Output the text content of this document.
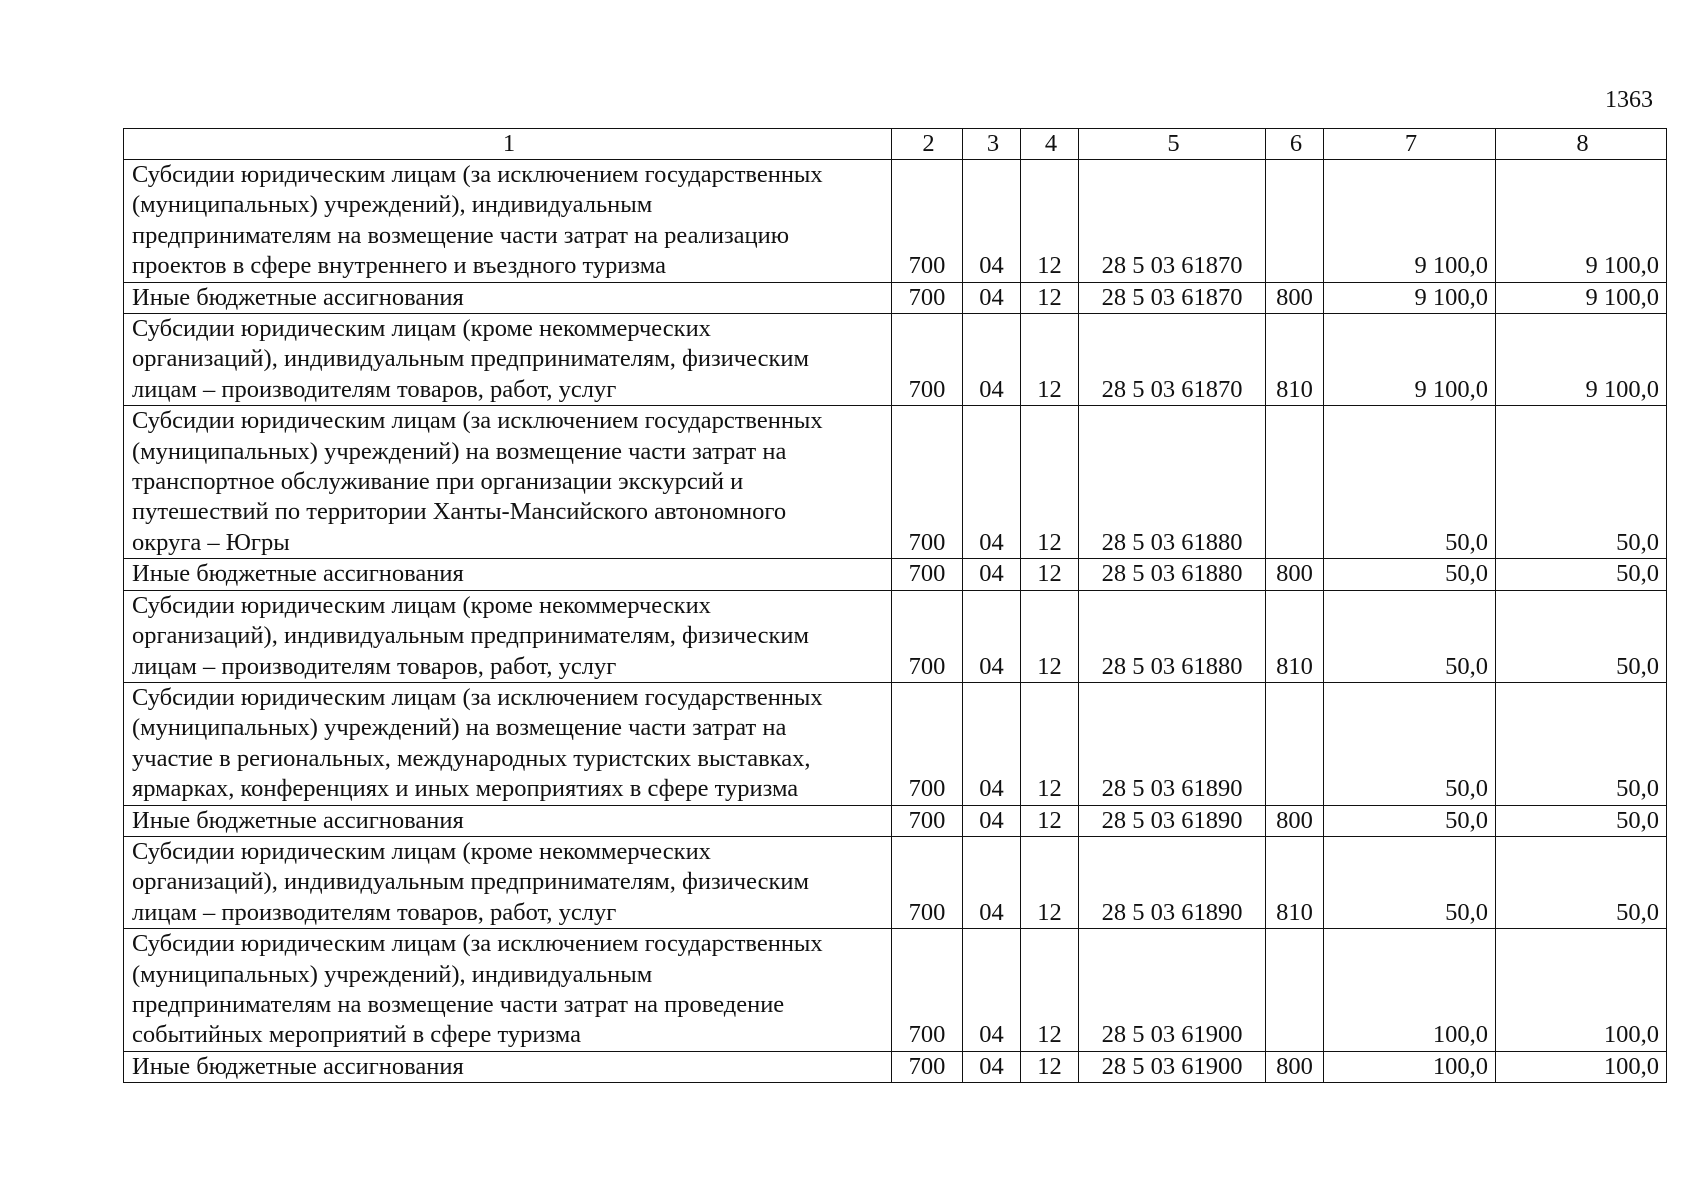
1363
1	2	3	4	5	6	7	8

Субсидии юридическим лицам (за исключением государственных
(муниципальных) учреждений), индивидуальным
предпринимателям на возмещение части затрат на реализацию
проектов в сфере внутреннего и въездного туризма	700	04	12	28 5 03 61870		9 100,0	9 100,0

Иные бюджетные ассигнования	700	04	12	28 5 03 61870	800	9 100,0	9 100,0

Субсидии юридическим лицам (кроме некоммерческих
организаций), индивидуальным предпринимателям, физическим
лицам – производителям товаров, работ, услуг	700	04	12	28 5 03 61870	810	9 100,0	9 100,0

Субсидии юридическим лицам (за исключением государственных
(муниципальных) учреждений) на возмещение части затрат на
транспортное обслуживание при организации экскурсий и
путешествий по территории Ханты-Мансийского автономного
округа – Югры	700	04	12	28 5 03 61880		50,0	50,0

Иные бюджетные ассигнования	700	04	12	28 5 03 61880	800	50,0	50,0

Субсидии юридическим лицам (кроме некоммерческих
организаций), индивидуальным предпринимателям, физическим
лицам – производителям товаров, работ, услуг	700	04	12	28 5 03 61880	810	50,0	50,0

Субсидии юридическим лицам (за исключением государственных
(муниципальных) учреждений) на возмещение части затрат на
участие в региональных, международных туристских выставках,
ярмарках, конференциях и иных мероприятиях в сфере туризма	700	04	12	28 5 03 61890		50,0	50,0

Иные бюджетные ассигнования	700	04	12	28 5 03 61890	800	50,0	50,0

Субсидии юридическим лицам (кроме некоммерческих
организаций), индивидуальным предпринимателям, физическим
лицам – производителям товаров, работ, услуг	700	04	12	28 5 03 61890	810	50,0	50,0

Субсидии юридическим лицам (за исключением государственных
(муниципальных) учреждений), индивидуальным
предпринимателям на возмещение части затрат на проведение
событийных мероприятий в сфере туризма	700	04	12	28 5 03 61900		100,0	100,0

Иные бюджетные ассигнования	700	04	12	28 5 03 61900	800	100,0	100,0
